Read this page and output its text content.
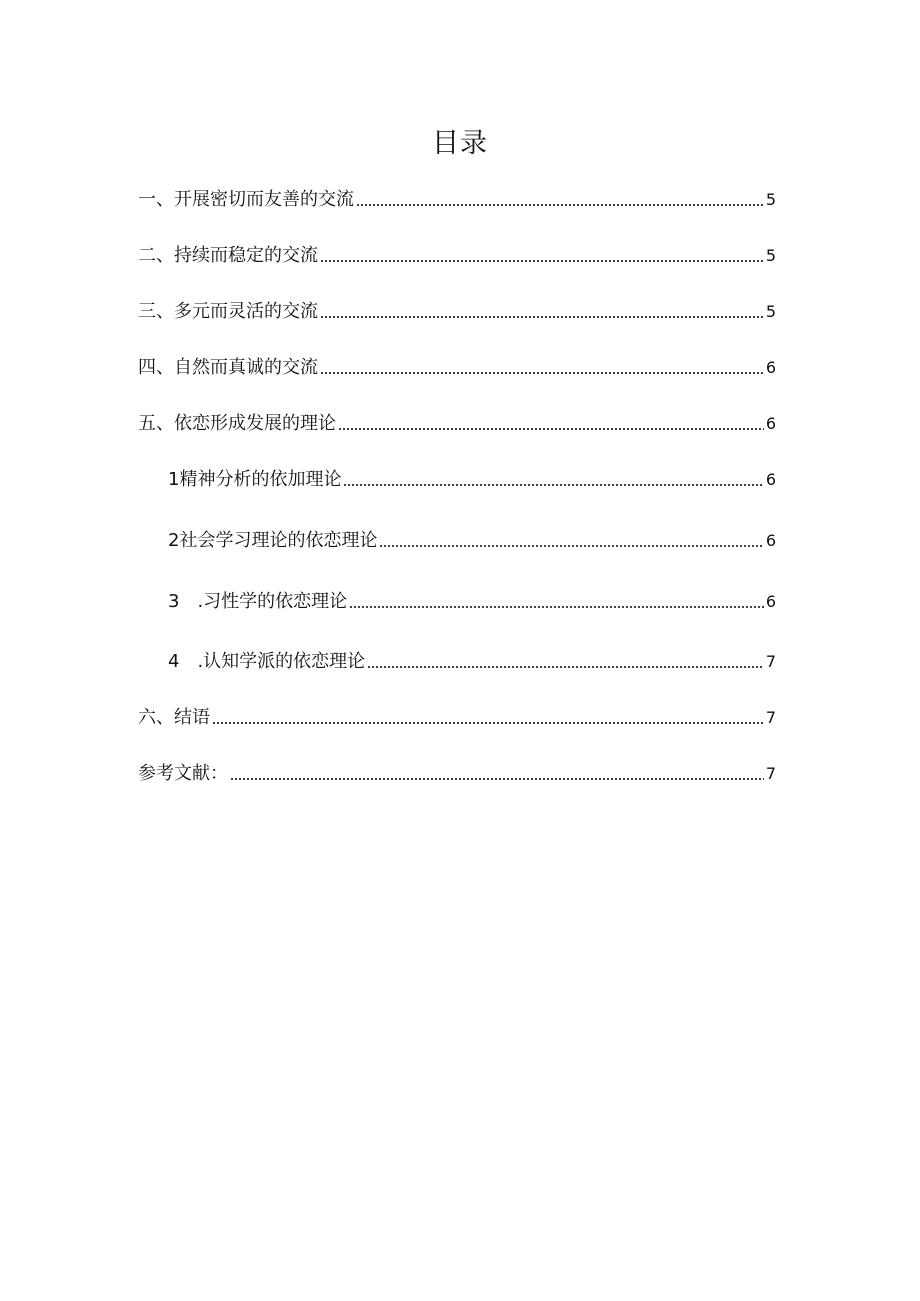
目录
一、开展密切而友善的交流	5
二、持续而稳定的交流	5
三、多元而灵活的交流	5
四、自然而真诚的交流	6
五、依恋形成发展的理论	6
1精神分析的依加理论	6
2社会学习理论的依恋理论	6
3　.习性学的依恋理论	6
4　.认知学派的依恋理论	7
六、结语	7
参考文献：	7
